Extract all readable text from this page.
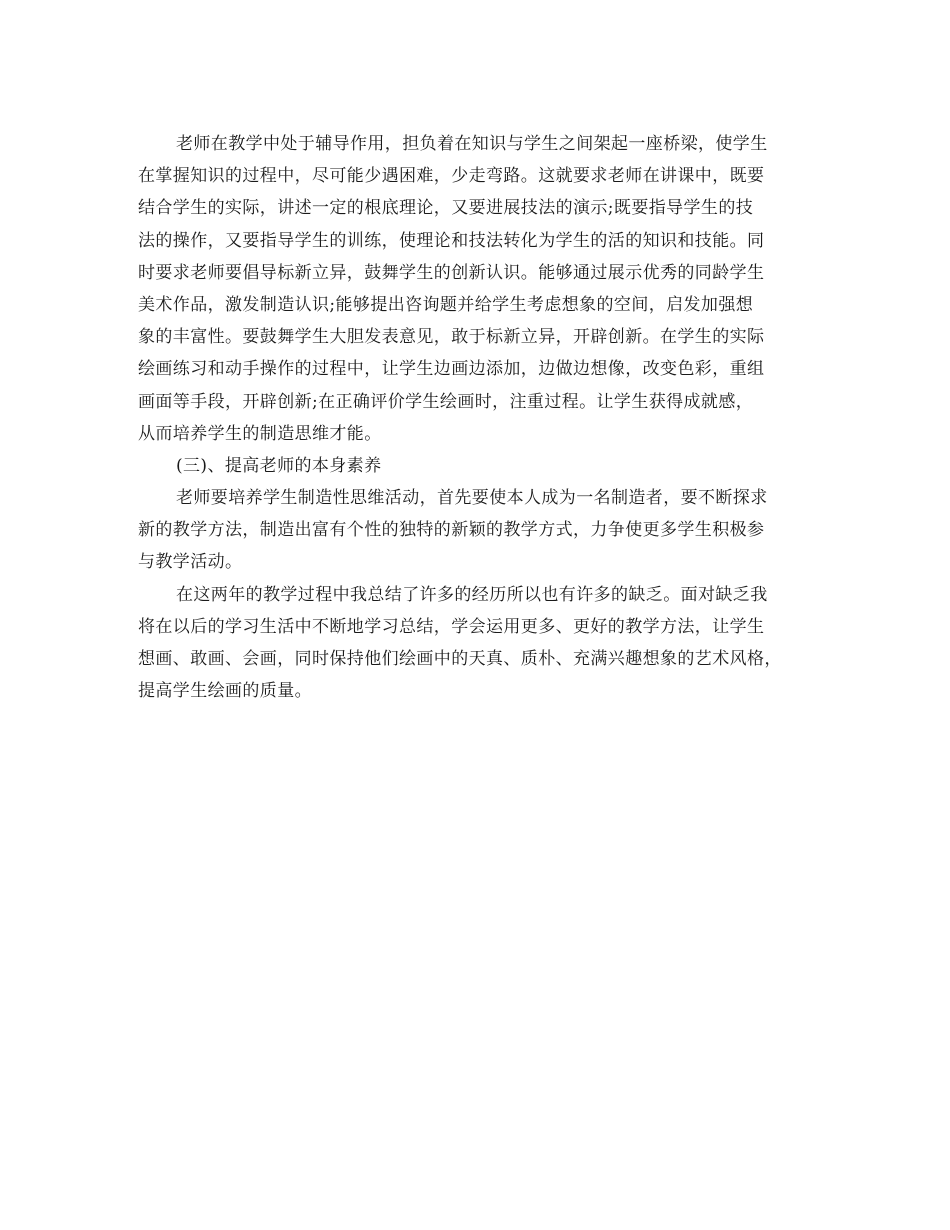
老师在教学中处于辅导作用，担负着在知识与学生之间架起一座桥梁，使学生
在掌握知识的过程中，尽可能少遇困难，少走弯路。这就要求老师在讲课中，既要
结合学生的实际，讲述一定的根底理论，又要进展技法的演示;既要指导学生的技
法的操作，又要指导学生的训练，使理论和技法转化为学生的活的知识和技能。同
时要求老师要倡导标新立异，鼓舞学生的创新认识。能够通过展示优秀的同龄学生
美术作品，激发制造认识;能够提出咨询题并给学生考虑想象的空间，启发加强想
象的丰富性。要鼓舞学生大胆发表意见，敢于标新立异，开辟创新。在学生的实际
绘画练习和动手操作的过程中，让学生边画边添加，边做边想像，改变色彩，重组
画面等手段，开辟创新;在正确评价学生绘画时，注重过程。让学生获得成就感，
从而培养学生的制造思维才能。
(三)、提高老师的本身素养
老师要培养学生制造性思维活动，首先要使本人成为一名制造者，要不断探求
新的教学方法，制造出富有个性的独特的新颖的教学方式，力争使更多学生积极参
与教学活动。
在这两年的教学过程中我总结了许多的经历所以也有许多的缺乏。面对缺乏我
将在以后的学习生活中不断地学习总结，学会运用更多、更好的教学方法，让学生
想画、敢画、会画，同时保持他们绘画中的天真、质朴、充满兴趣想象的艺术风格，
提高学生绘画的质量。
